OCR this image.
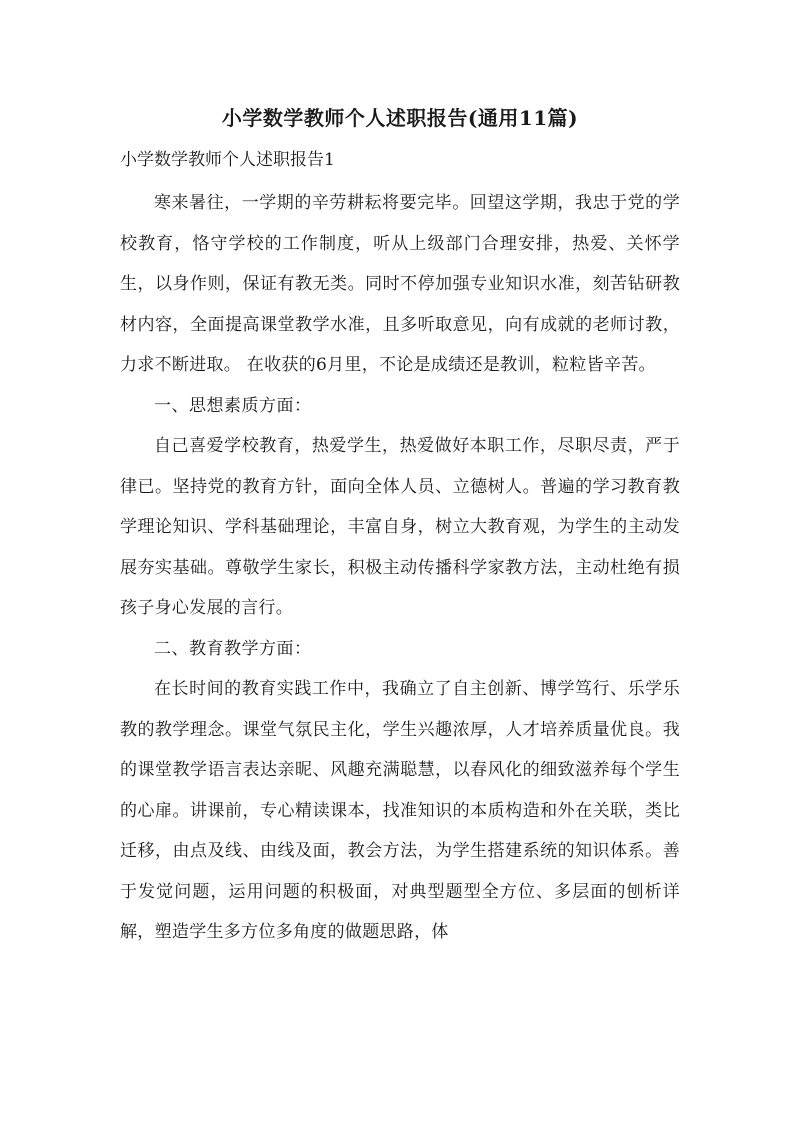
小学数学教师个人述职报告(通用11篇)
小学数学教师个人述职报告1

寒来暑往，一学期的辛劳耕耘将要完毕。回望这学期，我忠于党的学校教育，恪守学校的工作制度，听从上级部门合理安排，热爱、关怀学生，以身作则，保证有教无类。同时不停加强专业知识水准，刻苦钻研教材内容，全面提高课堂教学水准，且多听取意见，向有成就的老师讨教，力求不断进取。 在收获的6月里，不论是成绩还是教训，粒粒皆辛苦。

一、思想素质方面：

自己喜爱学校教育，热爱学生，热爱做好本职工作，尽职尽责，严于律已。坚持党的教育方针，面向全体人员、立德树人。普遍的学习教育教学理论知识、学科基础理论，丰富自身，树立大教育观，为学生的主动发展夯实基础。尊敬学生家长，积极主动传播科学家教方法，主动杜绝有损孩子身心发展的言行。

二、教育教学方面：

在长时间的教育实践工作中，我确立了自主创新、博学笃行、乐学乐教的教学理念。课堂气氛民主化，学生兴趣浓厚，人才培养质量优良。我的课堂教学语言表达亲昵、风趣充满聪慧，以春风化的细致滋养每个学生的心扉。讲课前，专心精读课本，找准知识的本质构造和外在关联，类比迁移，由点及线、由线及面，教会方法，为学生搭建系统的知识体系。善于发觉问题，运用问题的积极面，对典型题型全方位、多层面的刨析详解，塑造学生多方位多角度的做题思路，体
